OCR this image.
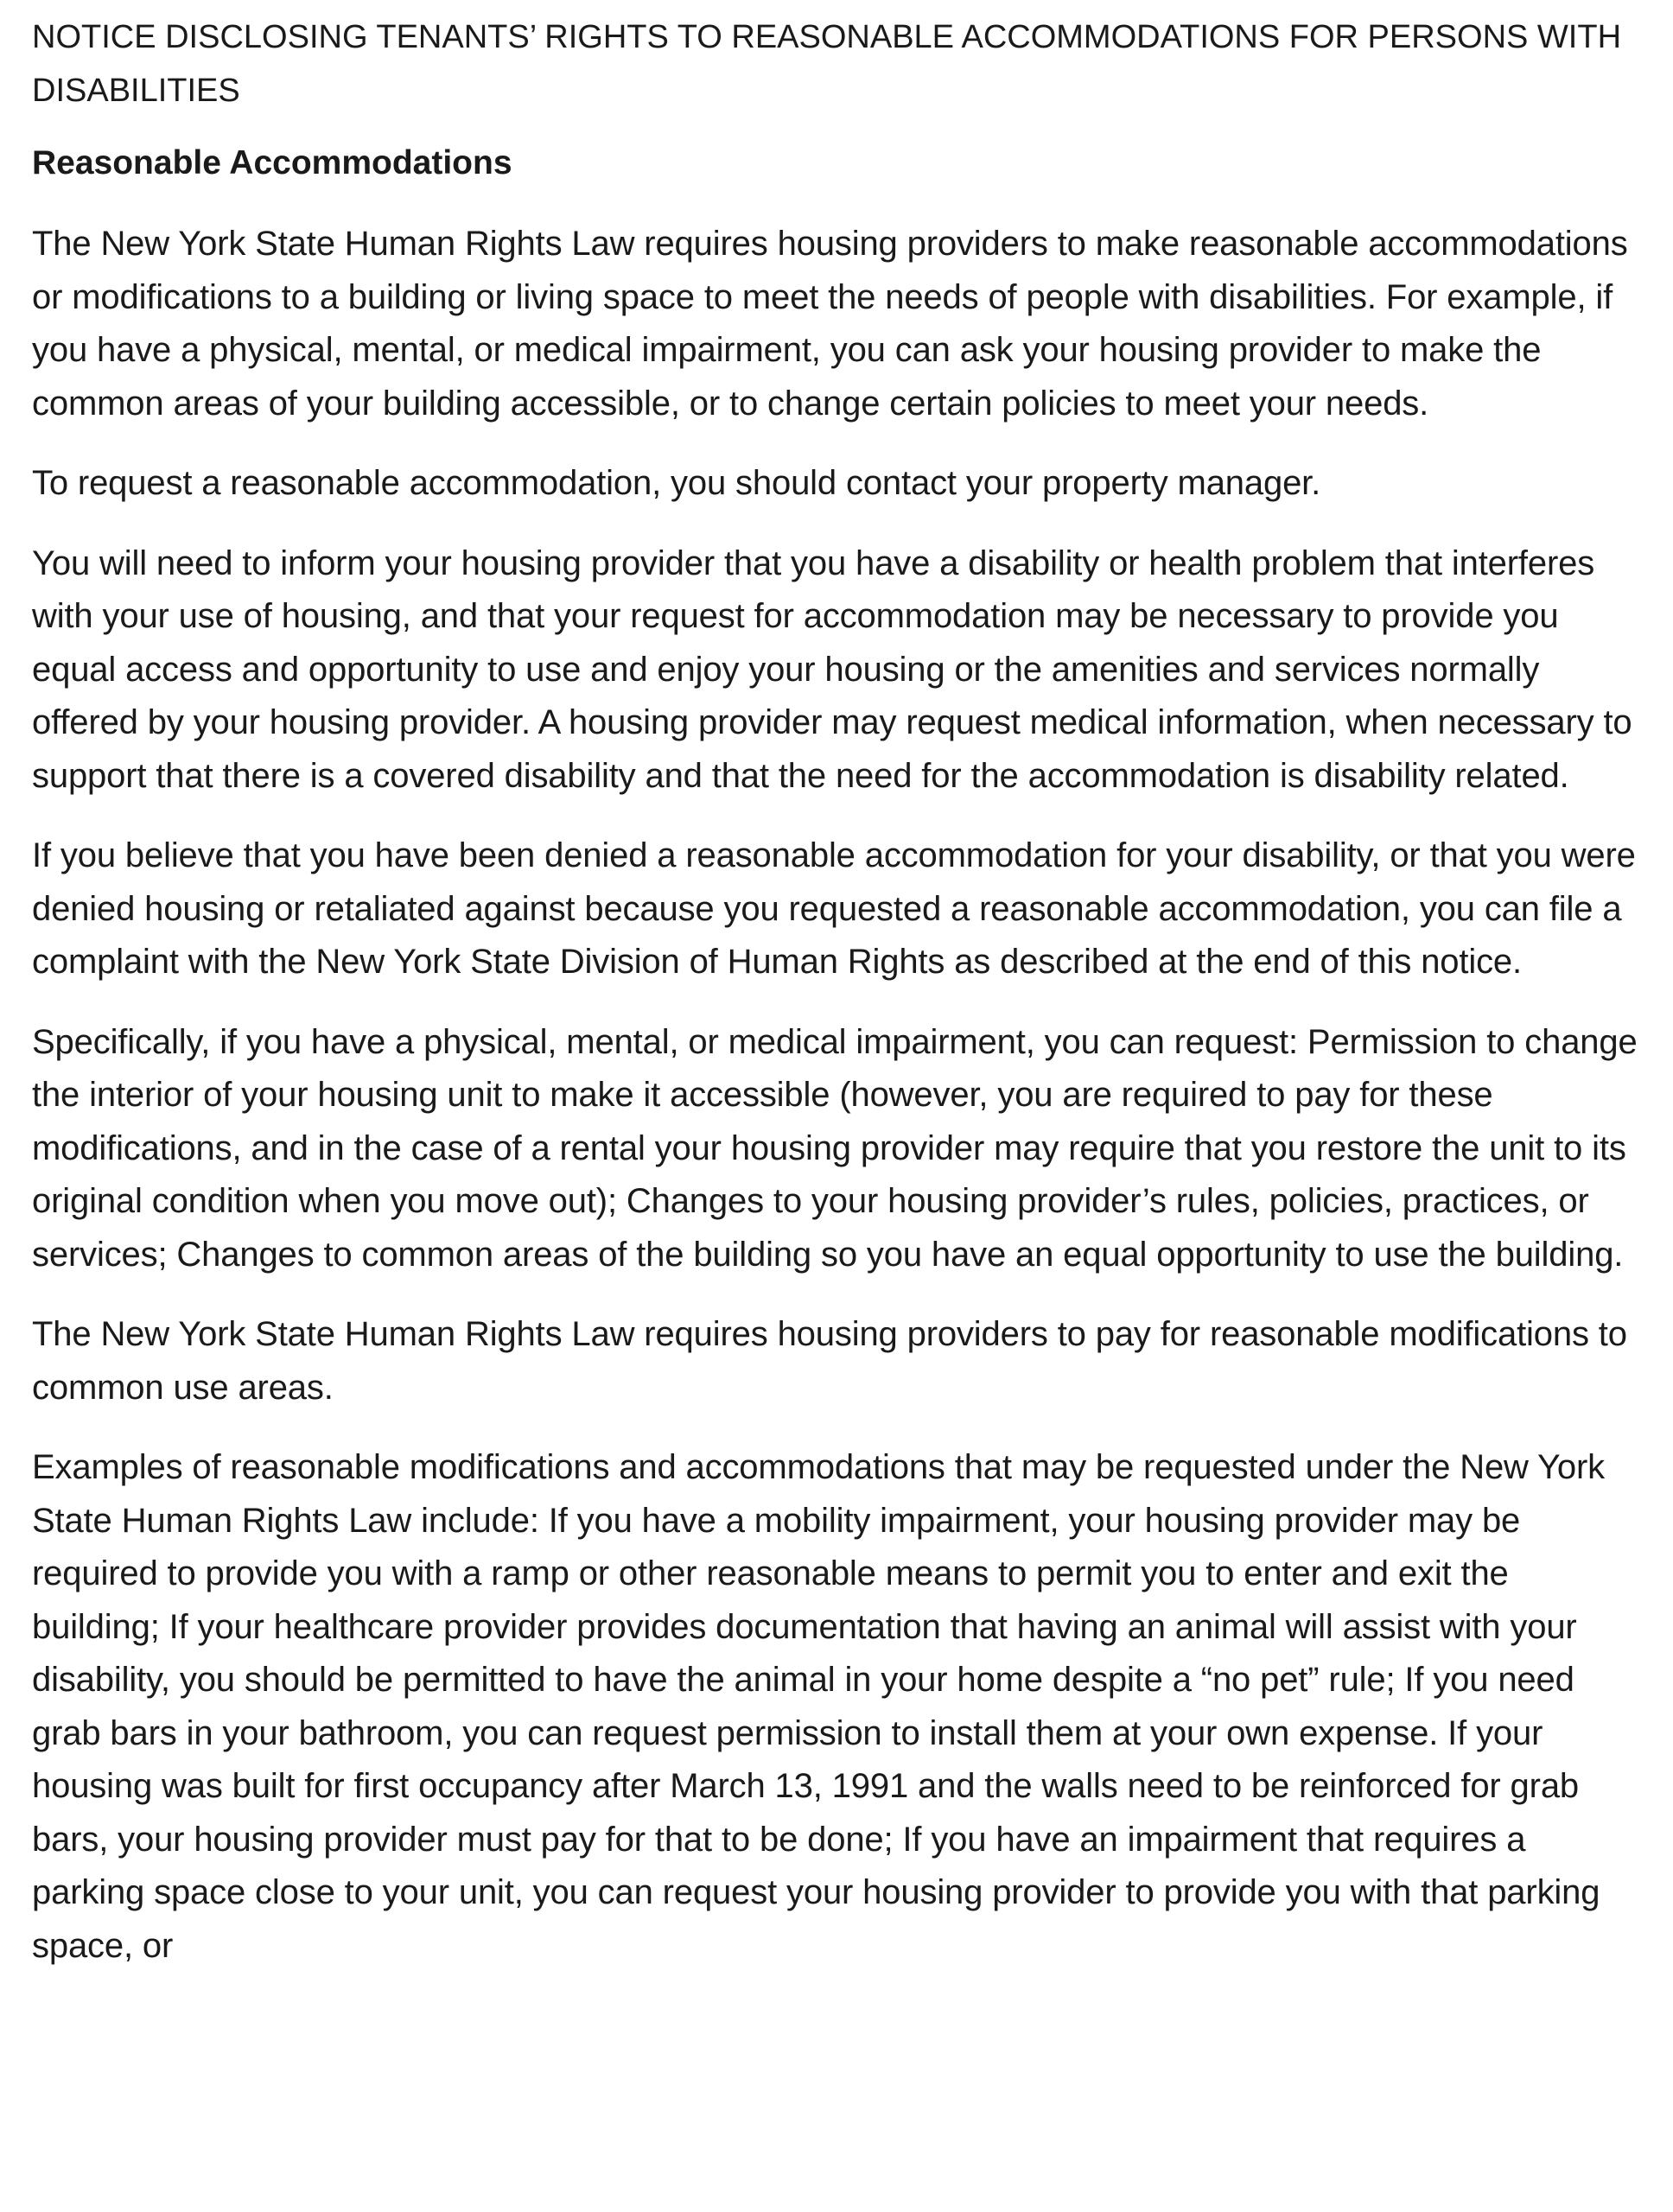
NOTICE DISCLOSING TENANTS’ RIGHTS TO REASONABLE ACCOMMODATIONS FOR PERSONS WITH DISABILITIES
Reasonable Accommodations

The New York State Human Rights Law requires housing providers to make reasonable accommodations or modifications to a building or living space to meet the needs of people with disabilities. For example, if you have a physical, mental, or medical impairment, you can ask your housing provider to make the common areas of your building accessible, or to change certain policies to meet your needs.

To request a reasonable accommodation, you should contact your property manager.

You will need to inform your housing provider that you have a disability or health problem that interferes with your use of housing, and that your request for accommodation may be necessary to provide you equal access and opportunity to use and enjoy your housing or the amenities and services normally offered by your housing provider. A housing provider may request medical information, when necessary to support that there is a covered disability and that the need for the accommodation is disability related.

If you believe that you have been denied a reasonable accommodation for your disability, or that you were denied housing or retaliated against because you requested a reasonable accommodation, you can file a complaint with the New York State Division of Human Rights as described at the end of this notice.

Specifically, if you have a physical, mental, or medical impairment, you can request: Permission to change the interior of your housing unit to make it accessible (however, you are required to pay for these modifications, and in the case of a rental your housing provider may require that you restore the unit to its original condition when you move out); Changes to your housing provider’s rules, policies, practices, or services; Changes to common areas of the building so you have an equal opportunity to use the building.

The New York State Human Rights Law requires housing providers to pay for reasonable modifications to common use areas.

Examples of reasonable modifications and accommodations that may be requested under the New York State Human Rights Law include: If you have a mobility impairment, your housing provider may be required to provide you with a ramp or other reasonable means to permit you to enter and exit the building; If your healthcare provider provides documentation that having an animal will assist with your disability, you should be permitted to have the animal in your home despite a “no pet” rule; If you need grab bars in your bathroom, you can request permission to install them at your own expense. If your housing was built for first occupancy after March 13, 1991 and the walls need to be reinforced for grab bars, your housing provider must pay for that to be done; If you have an impairment that requires a parking space close to your unit, you can request your housing provider to provide you with that parking space, or
